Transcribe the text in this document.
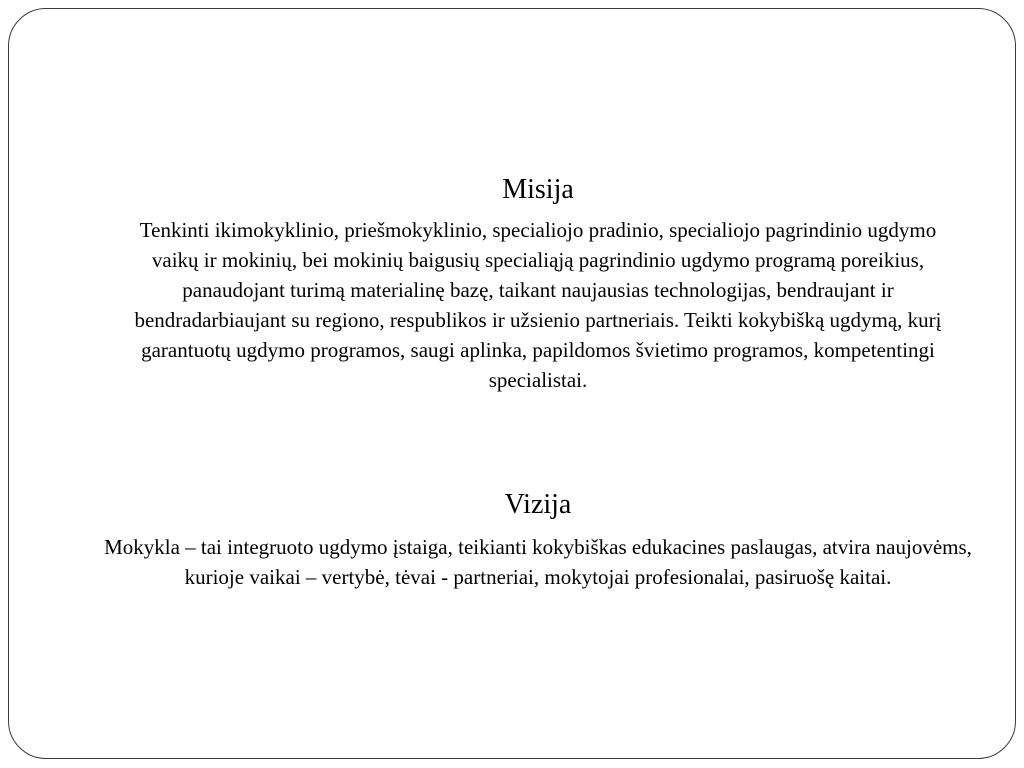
Misija

Tenkinti ikimokyklinio, priešmokyklinio, specialiojo pradinio, specialiojo pagrindinio ugdymo vaikų ir mokinių, bei mokinių baigusių specialiąją pagrindinio ugdymo programą poreikius, panaudojant turimą materialinę bazę, taikant naujausias technologijas, bendraujant ir bendradarbiaujant su regiono, respublikos ir užsienio partneriais. Teikti kokybišką ugdymą, kurį garantuotų ugdymo programos, saugi aplinka, papildomos švietimo programos, kompetentingi specialistai.

Vizija

Mokykla – tai integruoto ugdymo įstaiga, teikianti kokybiškas edukacines paslaugas, atvira naujovėms, kurioje vaikai – vertybė, tėvai - partneriai, mokytojai profesionalai, pasiruošę kaitai.
